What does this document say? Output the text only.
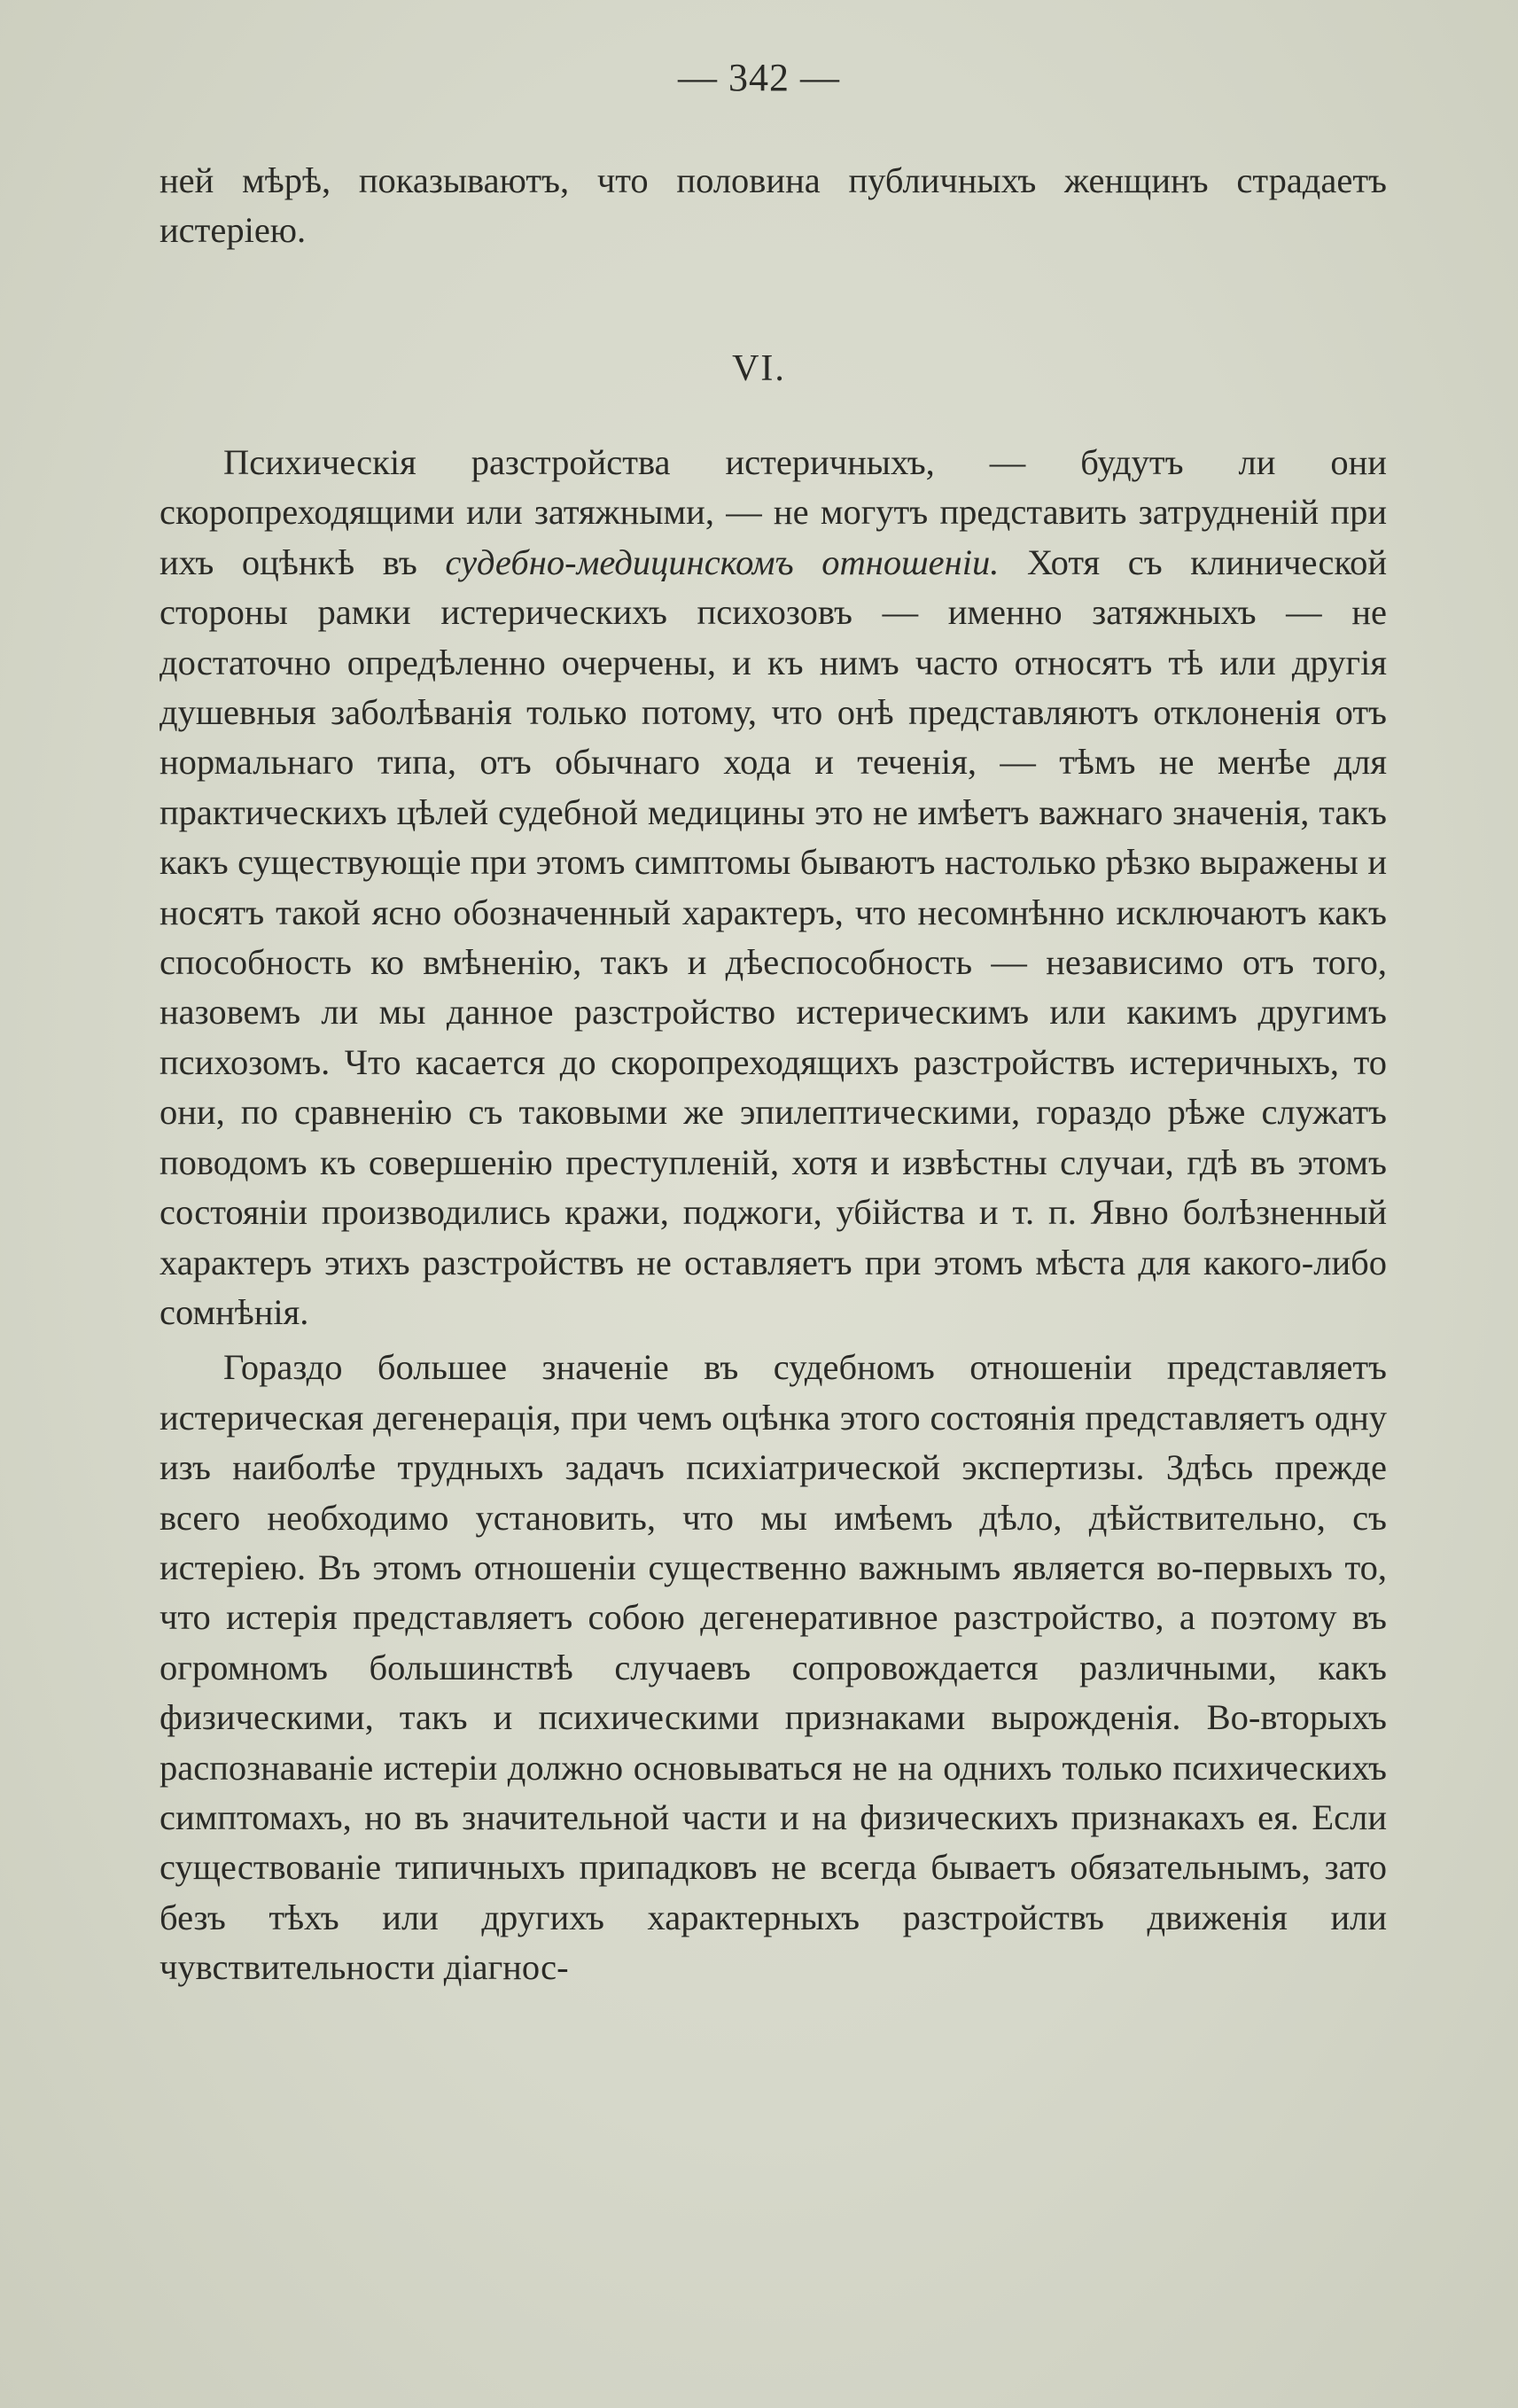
— 342 —

ней мѣрѣ, показываютъ, что половина публичныхъ женщинъ страдаетъ истеріею.

VI.

Психическія разстройства истеричныхъ, — будутъ ли они скоропреходящими или затяжными, — не могутъ представить затрудненій при ихъ оцѣнкѣ въ судебно-медицинскомъ отношеніи. Хотя съ клинической стороны рамки истерическихъ психозовъ — именно затяжныхъ — не достаточно опредѣленно очерчены, и къ нимъ часто относятъ тѣ или другія душевныя заболѣванія только потому, что онѣ представляютъ отклоненія отъ нормальнаго типа, отъ обычнаго хода и теченія, — тѣмъ не менѣе для практическихъ цѣлей судебной медицины это не имѣетъ важнаго значенія, такъ какъ существующіе при этомъ симптомы бываютъ настолько рѣзко выражены и носятъ такой ясно обозначенный характеръ, что несомнѣнно исключаютъ какъ способность ко вмѣненію, такъ и дѣеспособность — независимо отъ того, назовемъ ли мы данное разстройство истерическимъ или какимъ другимъ психозомъ. Что касается до скоропреходящихъ разстройствъ истеричныхъ, то они, по сравненію съ таковыми же эпилептическими, гораздо рѣже служатъ поводомъ къ совершенію преступленій, хотя и извѣстны случаи, гдѣ въ этомъ состояніи производились кражи, поджоги, убійства и т. п. Явно болѣзненный характеръ этихъ разстройствъ не оставляетъ при этомъ мѣста для какого-либо сомнѣнія.

Гораздо большее значеніе въ судебномъ отношеніи представляетъ истерическая дегенерація, при чемъ оцѣнка этого состоянія представляетъ одну изъ наиболѣе трудныхъ задачъ психіатрической экспертизы. Здѣсь прежде всего необходимо установить, что мы имѣемъ дѣло, дѣйствительно, съ истеріею. Въ этомъ отношеніи существенно важнымъ является во-первыхъ то, что истерія представляетъ собою дегенеративное разстройство, а поэтому въ огромномъ большинствѣ случаевъ сопровождается различными, какъ физическими, такъ и психическими признаками вырожденія. Во-вторыхъ распознаваніе истеріи должно основываться не на однихъ только психическихъ симптомахъ, но въ значительной части и на физическихъ признакахъ ея. Если существованіе типичныхъ припадковъ не всегда бываетъ обязательнымъ, зато безъ тѣхъ или другихъ характерныхъ разстройствъ движенія или чувствительности діагнос-
